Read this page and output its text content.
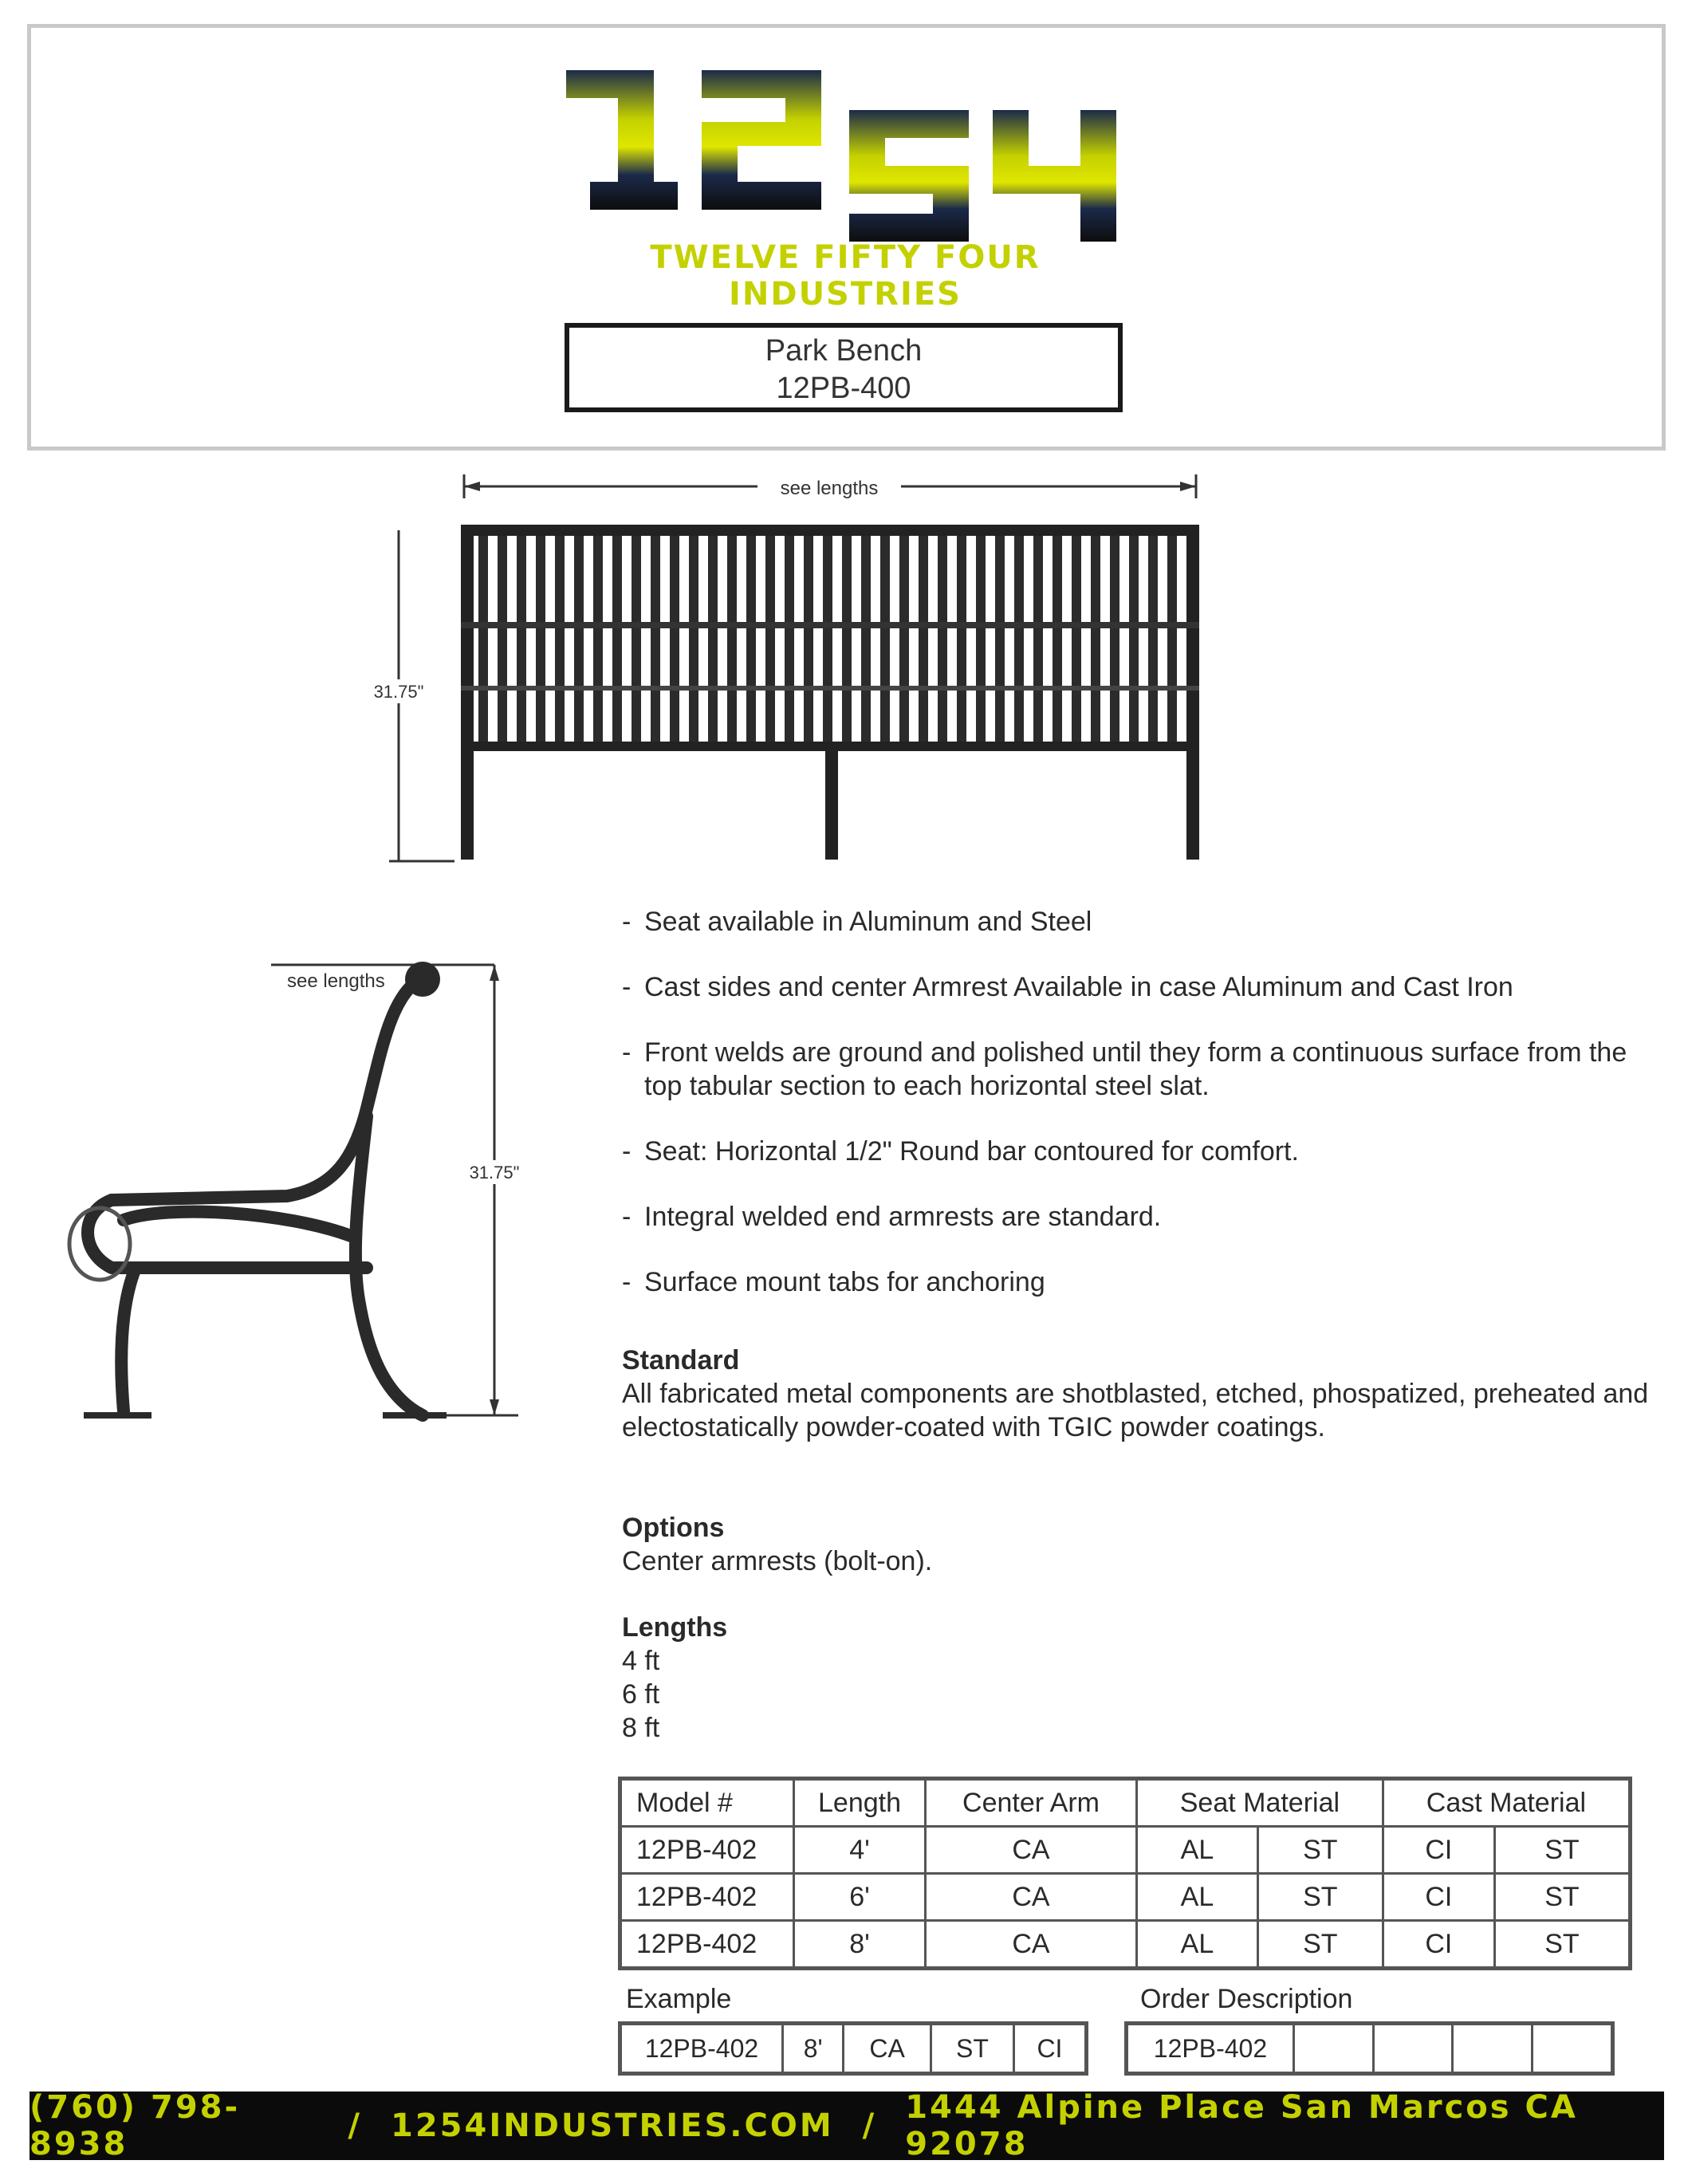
TWELVE FIFTY FOUR INDUSTRIES
Park Bench
12PB-400
see lengths
31.75"
see lengths
31.75"
- Seat available in Aluminum and Steel
- Cast sides and center Armrest Available in case Aluminum and Cast Iron
- Front welds are ground and polished until they form a continuous surface from the top tabular section to each horizontal steel slat.
- Seat: Horizontal 1/2" Round bar contoured for comfort.
- Integral welded end armrests are standard.
- Surface mount tabs for anchoring
Standard
All fabricated metal components are shotblasted, etched, phospatized, preheated and electostatically powder-coated with TGIC powder coatings.
Options
Center armrests (bolt-on).
Lengths
4 ft
6 ft
8 ft
Model #	Length	Center Arm	Seat Material		Cast Material	
12PB-402	4'	CA	AL	ST	CI	ST
12PB-402	6'	CA	AL	ST	CI	ST
12PB-402	8'	CA	AL	ST	CI	ST
Example
12PB-402	8'	CA	ST	CI
Order Description
12PB-402				
(760) 798-8938	/ 1254INDUSTRIES.COM / 1444 Alpine Place San Marcos CA 92078
